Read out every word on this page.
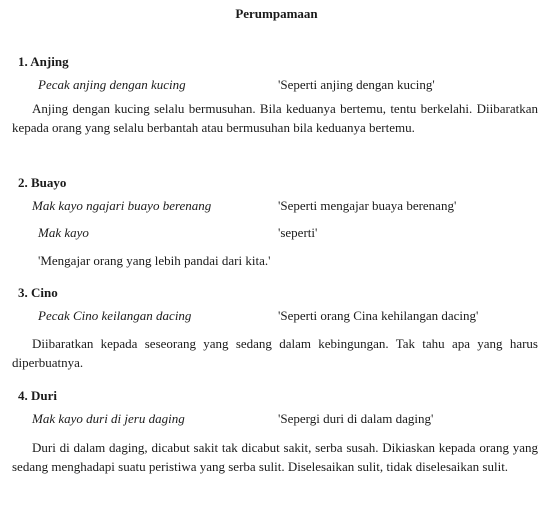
Perumpamaan
1. Anjing
Pecak anjing dengan kucing	'Seperti anjing dengan kucing'

Anjing dengan kucing selalu bermusuhan. Bila keduanya bertemu, tentu berkelahi. Diibaratkan kepada orang yang selalu berbantah atau bermusuhan bila keduanya bertemu.

2. Buayo
Mak kayo ngajari buayo berenang	'Seperti mengajar buaya berenang'
Mak kayo	'seperti'
'Mengajar orang yang lebih pandai dari kita.'
3. Cino
Pecak Cino keilangan dacing	'Seperti orang Cina kehilangan dacing'

Diibaratkan kepada seseorang yang sedang dalam kebingungan. Tak tahu apa yang harus diperbuatnya.

4. Duri
Mak kayo duri di jeru daging	'Sepergi duri di dalam daging'

Duri di dalam daging, dicabut sakit tak dicabut sakit, serba susah. Dikiaskan kepada orang yang sedang menghadapi suatu peristiwa yang serba sulit. Diselesaikan sulit, tidak diselesaikan sulit.
